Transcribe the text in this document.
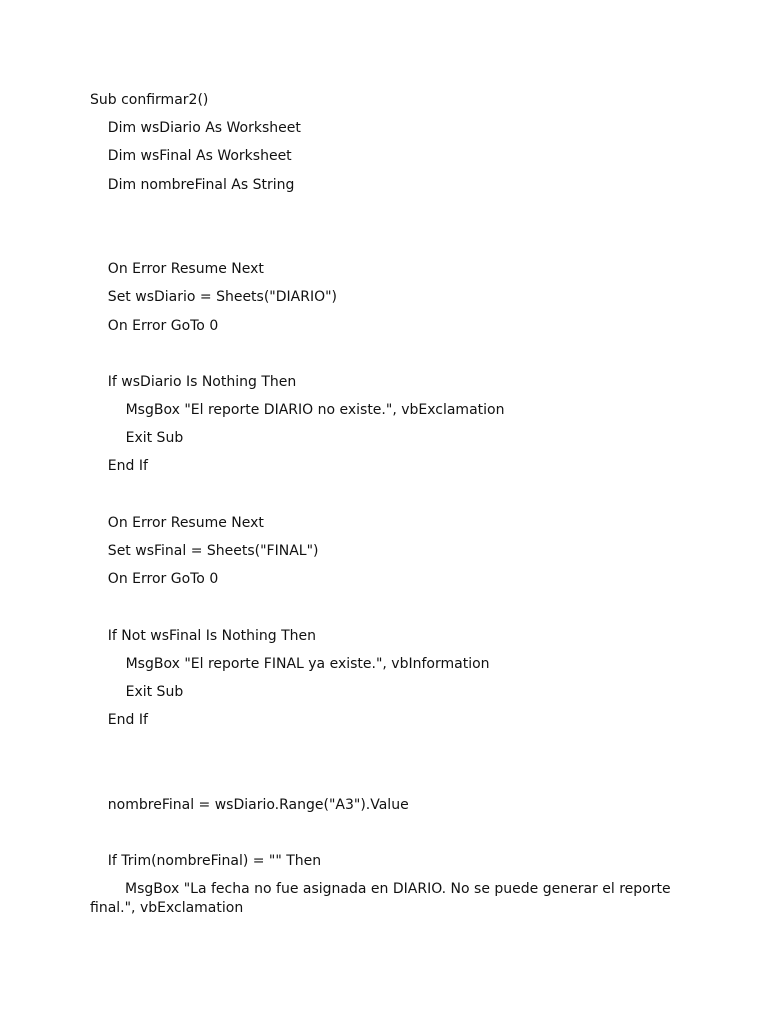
Sub confirmar2()
Dim wsDiario As Worksheet
Dim wsFinal As Worksheet
Dim nombreFinal As String
On Error Resume Next
Set wsDiario = Sheets("DIARIO")
On Error GoTo 0
If wsDiario Is Nothing Then
MsgBox "El reporte DIARIO no existe.", vbExclamation
Exit Sub
End If
On Error Resume Next
Set wsFinal = Sheets("FINAL")
On Error GoTo 0
If Not wsFinal Is Nothing Then
MsgBox "El reporte FINAL ya existe.", vbInformation
Exit Sub
End If
nombreFinal = wsDiario.Range("A3").Value
If Trim(nombreFinal) = "" Then
MsgBox "La fecha no fue asignada en DIARIO. No se puede generar el reporte final.", vbExclamation
